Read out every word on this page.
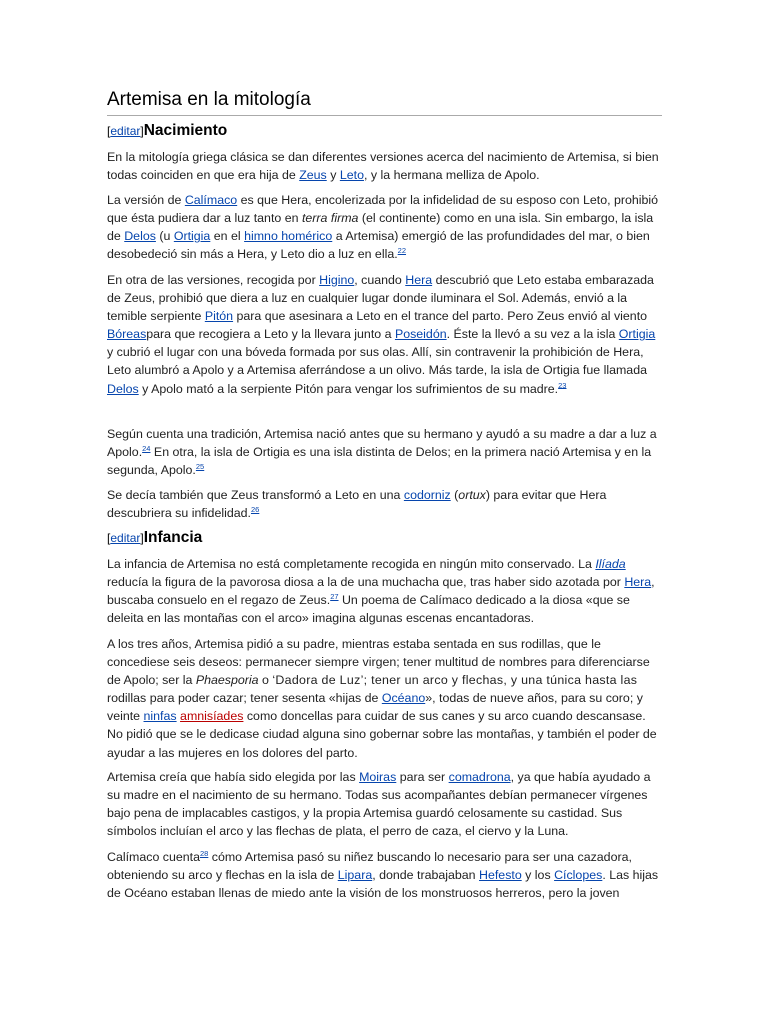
Artemisa en la mitología
[editar]Nacimiento

En la mitología griega clásica se dan diferentes versiones acerca del nacimiento de Artemisa, si bien todas coinciden en que era hija de Zeus y Leto, y la hermana melliza de Apolo.

La versión de Calímaco es que Hera, encolerizada por la infidelidad de su esposo con Leto, prohibió que ésta pudiera dar a luz tanto en terra firma (el continente) como en una isla. Sin embargo, la isla de Delos (u Ortigia en el himno homérico a Artemisa) emergió de las profundidades del mar, o bien desobedeció sin más a Hera, y Leto dio a luz en ella.$^{22}$

En otra de las versiones, recogida por Higino, cuando Hera descubrió que Leto estaba embarazada de Zeus, prohibió que diera a luz en cualquier lugar donde iluminara el Sol. Además, envió a la temible serpiente Pitón para que asesinara a Leto en el trance del parto. Pero Zeus envió al viento Bóreaspara que recogiera a Leto y la llevara junto a Poseidón. Éste la llevó a su vez a la isla Ortigia y cubrió el lugar con una bóveda formada por sus olas. Allí, sin contravenir la prohibición de Hera, Leto alumbró a Apolo y a Artemisa aferrándose a un olivo. Más tarde, la isla de Ortigia fue llamada Delos y Apolo mató a la serpiente Pitón para vengar los sufrimientos de su madre.$^{23}$

Según cuenta una tradición, Artemisa nació antes que su hermano y ayudó a su madre a dar a luz a Apolo.$^{24}$ En otra, la isla de Ortigia es una isla distinta de Delos; en la primera nació Artemisa y en la segunda, Apolo.$^{25}$

Se decía también que Zeus transformó a Leto en una codorniz (ortux) para evitar que Hera descubriera su infidelidad.$^{26}$

[editar]Infancia

La infancia de Artemisa no está completamente recogida en ningún mito conservado. La Ilíada reducía la figura de la pavorosa diosa a la de una muchacha que, tras haber sido azotada por Hera, buscaba consuelo en el regazo de Zeus.$^{27}$ Un poema de Calímaco dedicado a la diosa «que se deleita en las montañas con el arco» imagina algunas escenas encantadoras.

A los tres años, Artemisa pidió a su padre, mientras estaba sentada en sus rodillas, que le concediese seis deseos: permanecer siempre virgen; tener multitud de nombres para diferenciarse de Apolo; ser la Phaesporia o ‘Dadora de Luz’; tener un arco y flechas, y una túnica hasta las rodillas para poder cazar; tener sesenta «hijas de Océano», todas de nueve años, para su coro; y veinte ninfas amnisíades como doncellas para cuidar de sus canes y su arco cuando descansase. No pidió que se le dedicase ciudad alguna sino gobernar sobre las montañas, y también el poder de ayudar a las mujeres en los dolores del parto.

Artemisa creía que había sido elegida por las Moiras para ser comadrona, ya que había ayudado a su madre en el nacimiento de su hermano. Todas sus acompañantes debían permanecer vírgenes bajo pena de implacables castigos, y la propia Artemisa guardó celosamente su castidad. Sus símbolos incluían el arco y las flechas de plata, el perro de caza, el ciervo y la Luna.

Calímaco cuenta$^{28}$ cómo Artemisa pasó su niñez buscando lo necesario para ser una cazadora, obteniendo su arco y flechas en la isla de Lipara, donde trabajaban Hefesto y los Cíclopes. Las hijas de Océano estaban llenas de miedo ante la visión de los monstruosos herreros, pero la joven
